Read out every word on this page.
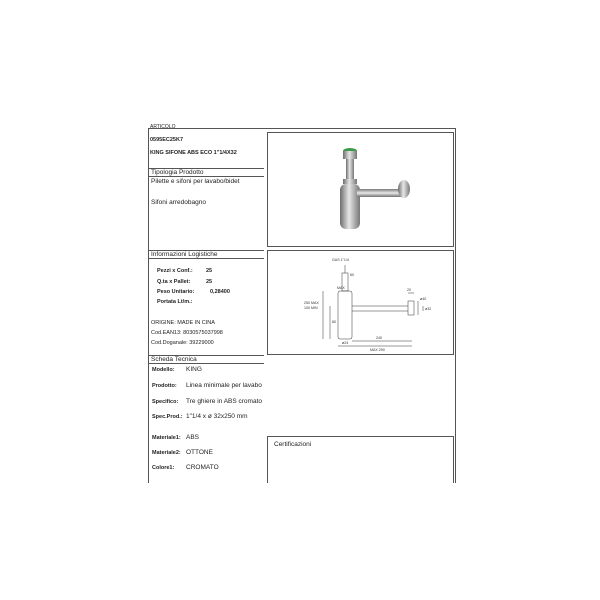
ARTICOLO
0595EC25K7
KING SIFONE ABS ECO 1"1/4X32
Tipologia Prodotto
Pilette e sifoni per lavabo/bidet
Sifoni arredobagno
Informazioni Logistiche
Pezzi x Conf.: 25
Q.ta x Pallet:	25
Peso Unitario:	0,28400
Portata Lt/m.:
ORIGINE: MADE IN CINA
Cod.EAN13: 8030575037998
Cod.Doganale: 39229000
GAS 1"1/4
MAX
250 MAX
100 MIN
80
20
240
MAX 290
ø40
ø32
ø24
60
Scheda Tecnica
Modello: KING
Prodotto: Linea minimale per lavabo
Specifico: Tre ghiere in ABS cromato
Spec.Prod.: 1"1/4 x ø 32x250 mm
Materiale1: ABS
Materiale2: OTTONE
Colore1: CROMATO
Certificazioni
